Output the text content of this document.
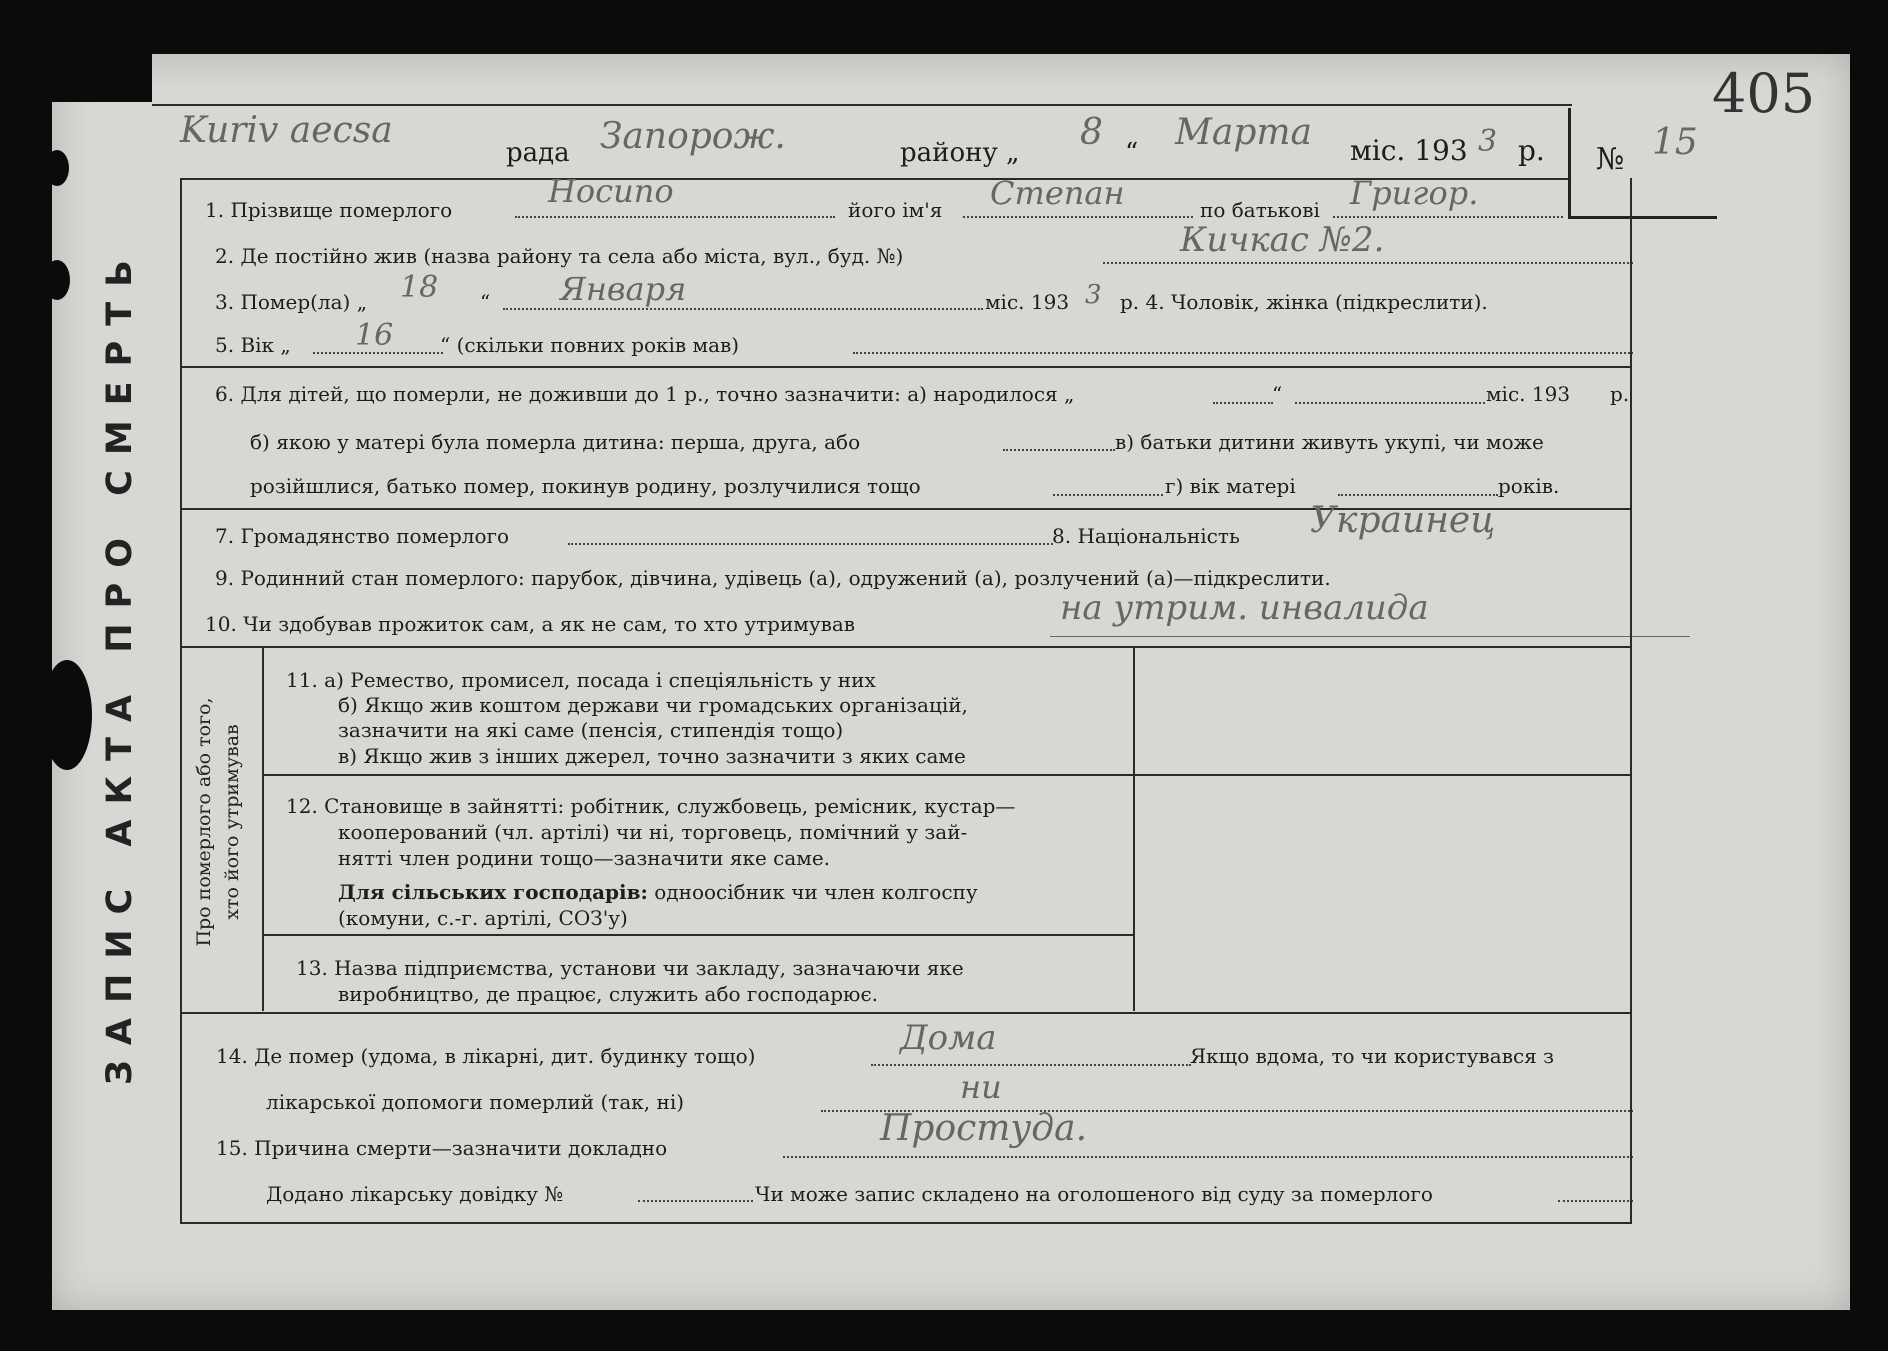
405
Kuriv aecsa
рада Запорож.	району „ 8 “ Марта міс. 193 3 р. № 15
ЗАПИС АКТА ПРО СМЕРТЬ
1. Прізвище померлого	Носипо	його ім'я Степан	по батькові Григор.
2. Де постійно жив (назва району та села або міста, вул., буд. №)	Кичкас №2.
3. Помер(ла) „ 18 “ Января	міс. 193 3 р. 4. Чоловік, жінка (підкреслити).
5. Вік „ 16 “ (скільки повних років мав)
6. Для дітей, що померли, не доживши до 1 р., точно зазначити: а) народилося „	“	міс. 193 р.
б) якою у матері була померла дитина: перша, друга, або	в) батьки дитини живуть укупі, чи може
розійшлися, батько помер, покинув родину, розлучилися тощо	г) вік матері	років.
7. Громадянство померлого	8. Національність Украинец
9. Родинний стан померлого: парубок, дівчина, удівець (а), одружений (а), розлучений (а)—підкреслити.
10. Чи здобував прожиток сам, а як не сам, то хто утримував	на утрим. инвалида
Про померлого або того, хто його утримував
11. а) Ремество, промисел, посада і спеціяльність у них
б) Якщо жив коштом держави чи громадських організацій,
зазначити на які саме (пенсія, стипендія тощо)
в) Якщо жив з інших джерел, точно зазначити з яких саме
12. Становище в зайнятті: робітник, службовець, ремісник, кустар—
кооперований (чл. артілі) чи ні, торговець, помічний у зай-
нятті член родини тощо—зазначити яке саме.
Для сільських господарів: одноосібник чи член колгоспу
(комуни, с.-г. артілі, СОЗ'у)
13. Назва підприємства, установи чи закладу, зазначаючи яке
виробництво, де працює, служить або господарює.
14. Де помер (удома, в лікарні, дит. будинку тощо)	Дома	Якщо вдома, то чи користувався з
лікарської допомоги померлий (так, ні)	ни
15. Причина смерти—зазначити докладно	Простуда.
Додано лікарську довідку №	Чи може запис складено на оголошеного від суду за померлого
